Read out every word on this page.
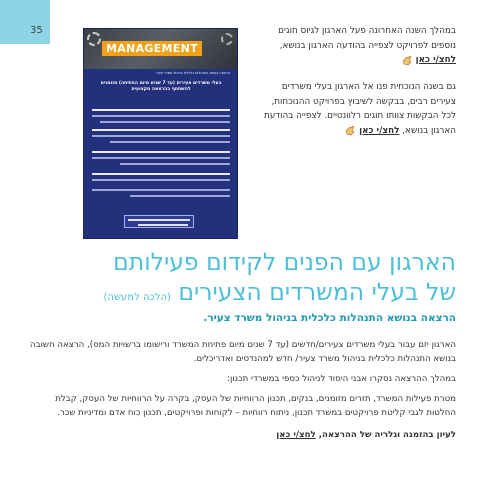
35
MANAGEMENT
הרצאה בנושא התנהלות כלכלית בניהול משרד צעיר
בעלי משרדים צעירים (עד 7 שנים מיום הפתיחה) מוזמנים להשתתף בהרצאה מקצועית
במהלך השנה האחרונה פעל הארגון לגיוס חוגים נוספים לפרויקט לצפייה בהודעה הארגון בנושא, לחצ/י כאן
גם בשנה הנוכחית פנו אל הארגון בעלי משרדים צעירים רבים, בבקשה לשיבוץ בפרויקט ההנוכחות, לכל הבקשות צוותו חוגים רלוונטיים. לצפייה בהודעת הארגון בנושא, לחצ/י כאן
הארגון עם הפנים לקידום פעילותם
של בעלי המשרדים הצעירים (הלכה למעשה)
הרצאה בנושא התנהלות כלכלית בניהול משרד צעיר.
הארגון יזם עבור בעלי משרדים צעירים/חדשים (עד 7 שנים מיום פתיחת המשרד ורישומו ברשויות המס), הרצאה חשובה בנושא התנהלות כלכלית בניהול משרד צעיר/ חדש למהנדסים ואדריכלים.
במהלך ההרצאה נסקרו אבני היסוד לניהול כספי במשרדי תכנון:
מטרת פעילות המשרד, תזרים מזומנים, בנקים, תכנון הרווחיות של העסק, בקרה על הרווחיות של העסק, קבלת החלטות לגבי קליטת פרויקטים במשרד תכנון, ניתוח רווחיות – לקוחות ופרויקטים, תכנון כוח אדם ומדיניות שכר.
לעיון בהזמנה וגלריה של ההרצאה, לחצ/י כאן
